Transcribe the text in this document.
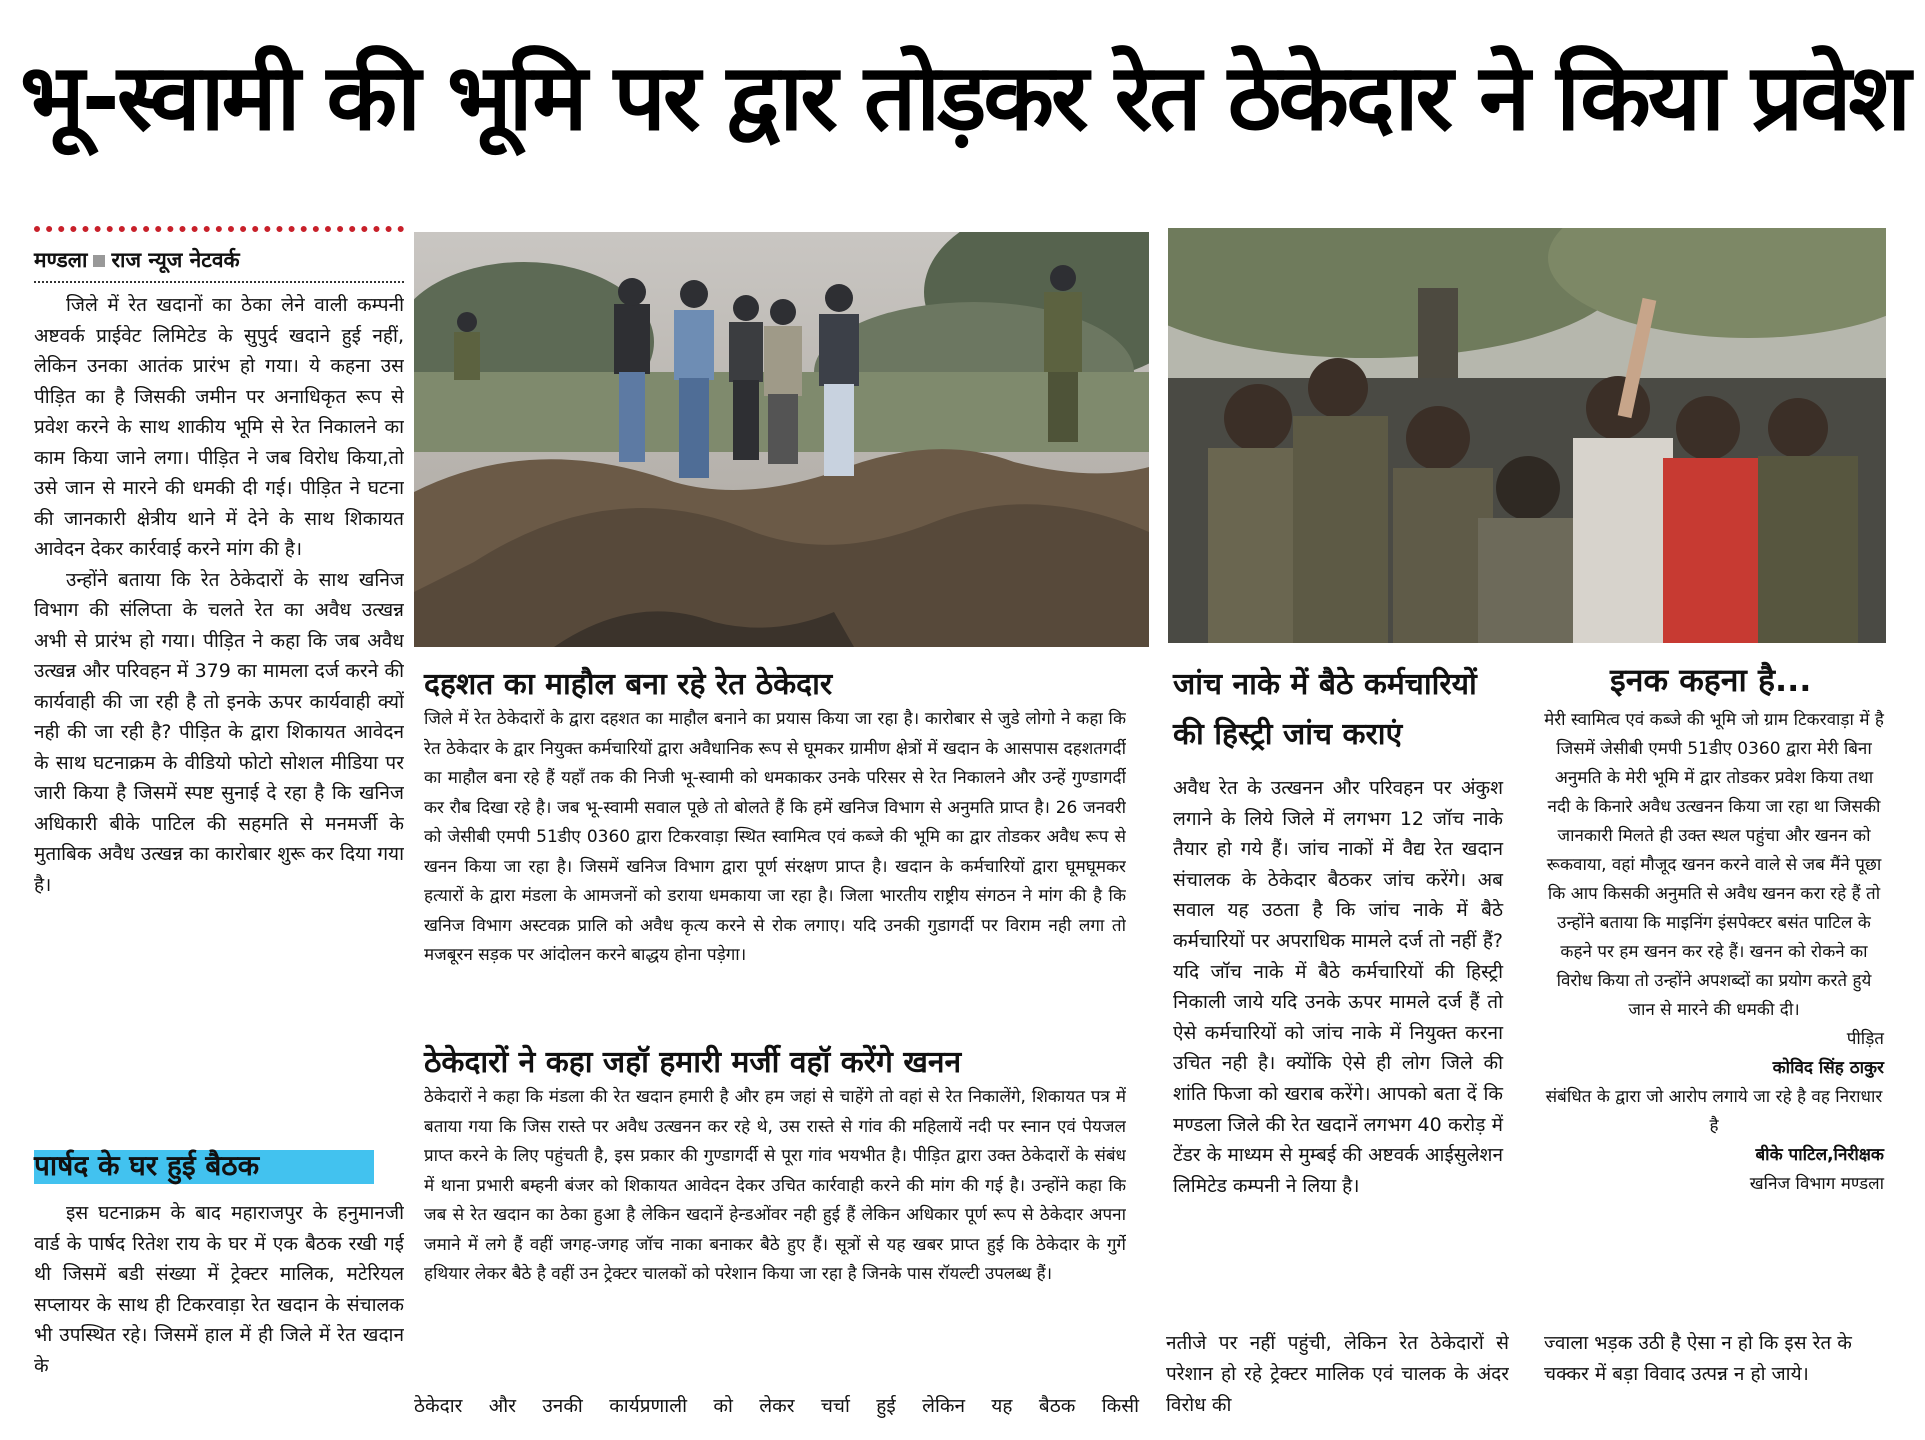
भू-स्वामी की भूमि पर द्वार तोड़कर रेत ठेकेदार ने किया प्रवेश
मण्डला राज न्यूज नेटवर्क

जिले में रेत खदानों का ठेका लेने वाली कम्पनी अष्टवर्क प्राईवेट लिमिटेड के सुपुर्द खदाने हुई नहीं, लेकिन उनका आतंक प्रारंभ हो गया। ये कहना उस पीड़ित का है जिसकी जमीन पर अनाधिकृत रूप से प्रवेश करने के साथ शाकीय भूमि से रेत निकालने का काम किया जाने लगा। पीड़ित ने जब विरोध किया,तो उसे जान से मारने की धमकी दी गई। पीड़ित ने घटना की जानकारी क्षेत्रीय थाने में देने के साथ शिकायत आवेदन देकर कार्रवाई करने मांग की है।

उन्होंने बताया कि रेत ठेकेदारों के साथ खनिज विभाग की संलिप्ता के चलते रेत का अवैध उत्खन्न अभी से प्रारंभ हो गया। पीड़ित ने कहा कि जब अवैध उत्खन्न और परिवहन में 379 का मामला दर्ज करने की कार्यवाही की जा रही है तो इनके ऊपर कार्यवाही क्यों नही की जा रही है? पीड़ित के द्वारा शिकायत आवेदन के साथ घटनाक्रम के वीडियो फोटो सोशल मीडिया पर जारी किया है जिसमें स्पष्ट सुनाई दे रहा है कि खनिज अधिकारी बीके पाटिल की सहमति से मनमर्जी के मुताबिक अवैध उत्खन्न का कारोबार शुरू कर दिया गया है।

पार्षद के घर हुई बैठक

इस घटनाक्रम के बाद महाराजपुर के हनुमानजी वार्ड के पार्षद रितेश राय के घर में एक बैठक रखी गई थी जिसमें बडी संख्या में ट्रेक्टर मालिक, मटेरियल सप्लायर के साथ ही टिकरवाड़ा रेत खदान के संचालक भी उपस्थित रहे। जिसमें हाल में ही जिले में रेत खदान के

दहशत का माहौल बना रहे रेत ठेकेदार

जिले में रेत ठेकेदारों के द्वारा दहशत का माहौल बनाने का प्रयास किया जा रहा है। कारोबार से जुडे लोगो ने कहा कि रेत ठेकेदार के द्वार नियुक्त कर्मचारियों द्वारा अवैधानिक रूप से घूमकर ग्रामीण क्षेत्रों में खदान के आसपास दहशतगर्दी का माहौल बना रहे हैं यहाँ तक की निजी भू-स्वामी को धमकाकर उनके परिसर से रेत निकालने और उन्हें गुण्डागर्दी कर रौब दिखा रहे है। जब भू-स्वामी सवाल पूछे तो बोलते हैं कि हमें खनिज विभाग से अनुमति प्राप्त है। 26 जनवरी को जेसीबी एमपी 51डीए 0360 द्वारा टिकरवाड़ा स्थित स्वामित्व एवं कब्जे की भूमि का द्वार तोडकर अवैध रूप से खनन किया जा रहा है। जिसमें खनिज विभाग द्वारा पूर्ण संरक्षण प्राप्त है। खदान के कर्मचारियों द्वारा घूमघूमकर हत्यारों के द्वारा मंडला के आमजनों को डराया धमकाया जा रहा है। जिला भारतीय राष्ट्रीय संगठन ने मांग की है कि खनिज विभाग अस्टवक्र प्रालि को अवैध कृत्य करने से रोक लगाए। यदि उनकी गुडागर्दी पर विराम नही लगा तो मजबूरन सड़क पर आंदोलन करने बाद्धय होना पड़ेगा।

ठेकेदारों ने कहा जहॉ हमारी मर्जी वहॉ करेंगे खनन

ठेकेदारों ने कहा कि मंडला की रेत खदान हमारी है और हम जहां से चाहेंगे तो वहां से रेत निकालेंगे, शिकायत पत्र में बताया गया कि जिस रास्ते पर अवैध उत्खनन कर रहे थे, उस रास्ते से गांव की महिलायें नदी पर स्नान एवं पेयजल प्राप्त करने के लिए पहुंचती है, इस प्रकार की गुण्डागर्दी से पूरा गांव भयभीत है। पीड़ित द्वारा उक्त ठेकेदारों के संबंध में थाना प्रभारी बम्हनी बंजर को शिकायत आवेदन देकर उचित कार्रवाही करने की मांग की गई है। उन्होंने कहा कि जब से रेत खदान का ठेका हुआ है लेकिन खदानें हेन्डओंवर नही हुई हैं लेकिन अधिकार पूर्ण रूप से ठेकेदार अपना जमाने में लगे हैं वहीं जगह-जगह जॉच नाका बनाकर बैठे हुए हैं। सूत्रों से यह खबर प्राप्त हुई कि ठेकेदार के गुर्गे हथियार लेकर बैठे है वहीं उन ट्रेक्टर चालकों को परेशान किया जा रहा है जिनके पास रॉयल्टी उपलब्ध हैं।

ठेकेदार और उनकी कार्यप्रणाली को लेकर चर्चा हुई लेकिन यह बैठक किसी
जांच नाके में बैठे कर्मचारियों की हिस्ट्री जांच कराएं

अवैध रेत के उत्खनन और परिवहन पर अंकुश लगाने के लिये जिले में लगभग 12 जॉच नाके तैयार हो गये हैं। जांच नाकों में वैद्य रेत खदान संचालक के ठेकेदार बैठकर जांच करेंगे। अब सवाल यह उठता है कि जांच नाके में बैठे कर्मचारियों पर अपराधिक मामले दर्ज तो नहीं हैं? यदि जॉच नाके में बैठे कर्मचारियों की हिस्ट्री निकाली जाये यदि उनके ऊपर मामले दर्ज हैं तो ऐसे कर्मचारियों को जांच नाके में नियुक्त करना उचित नही है। क्योंकि ऐसे ही लोग जिले की शांति फिजा को खराब करेंगे। आपको बता दें कि मण्डला जिले की रेत खदानें लगभग 40 करोड़ में टेंडर के माध्यम से मुम्बई की अष्टवर्क आईसुलेशन लिमिटेड कम्पनी ने लिया है।

नतीजे पर नहीं पहुंची, लेकिन रेत ठेकेदारों से परेशान हो रहे ट्रेक्टर मालिक एवं चालक के अंदर विरोध की
इनक कहना है...
मेरी स्वामित्व एवं कब्जे की भूमि जो ग्राम टिकरवाड़ा में है जिसमें जेसीबी एमपी 51डीए 0360 द्वारा मेरी बिना अनुमति के मेरी भूमि में द्वार तोडकर प्रवेश किया तथा नदी के किनारे अवैध उत्खनन किया जा रहा था जिसकी जानकारी मिलते ही उक्त स्थल पहुंचा और खनन को रूकवाया, वहां मौजूद खनन करने वाले से जब मैंने पूछा कि आप किसकी अनुमति से अवैध खनन करा रहे हैं तो उन्होंने बताया कि माइनिंग इंसपेक्टर बसंत पाटिल के कहने पर हम खनन कर रहे हैं। खनन को रोकने का विरोध किया तो उन्होंने अपशब्दों का प्रयोग करते हुये जान से मारने की धमकी दी।
पीड़ित
कोविद सिंह ठाकुर
संबंधित के द्वारा जो आरोप लगाये जा रहे है वह निराधार है
बीके पाटिल,निरीक्षक
खनिज विभाग मण्डला
ज्वाला भड़क उठी है ऐसा न हो कि इस रेत के चक्कर में बड़ा विवाद उत्पन्न न हो जाये।
